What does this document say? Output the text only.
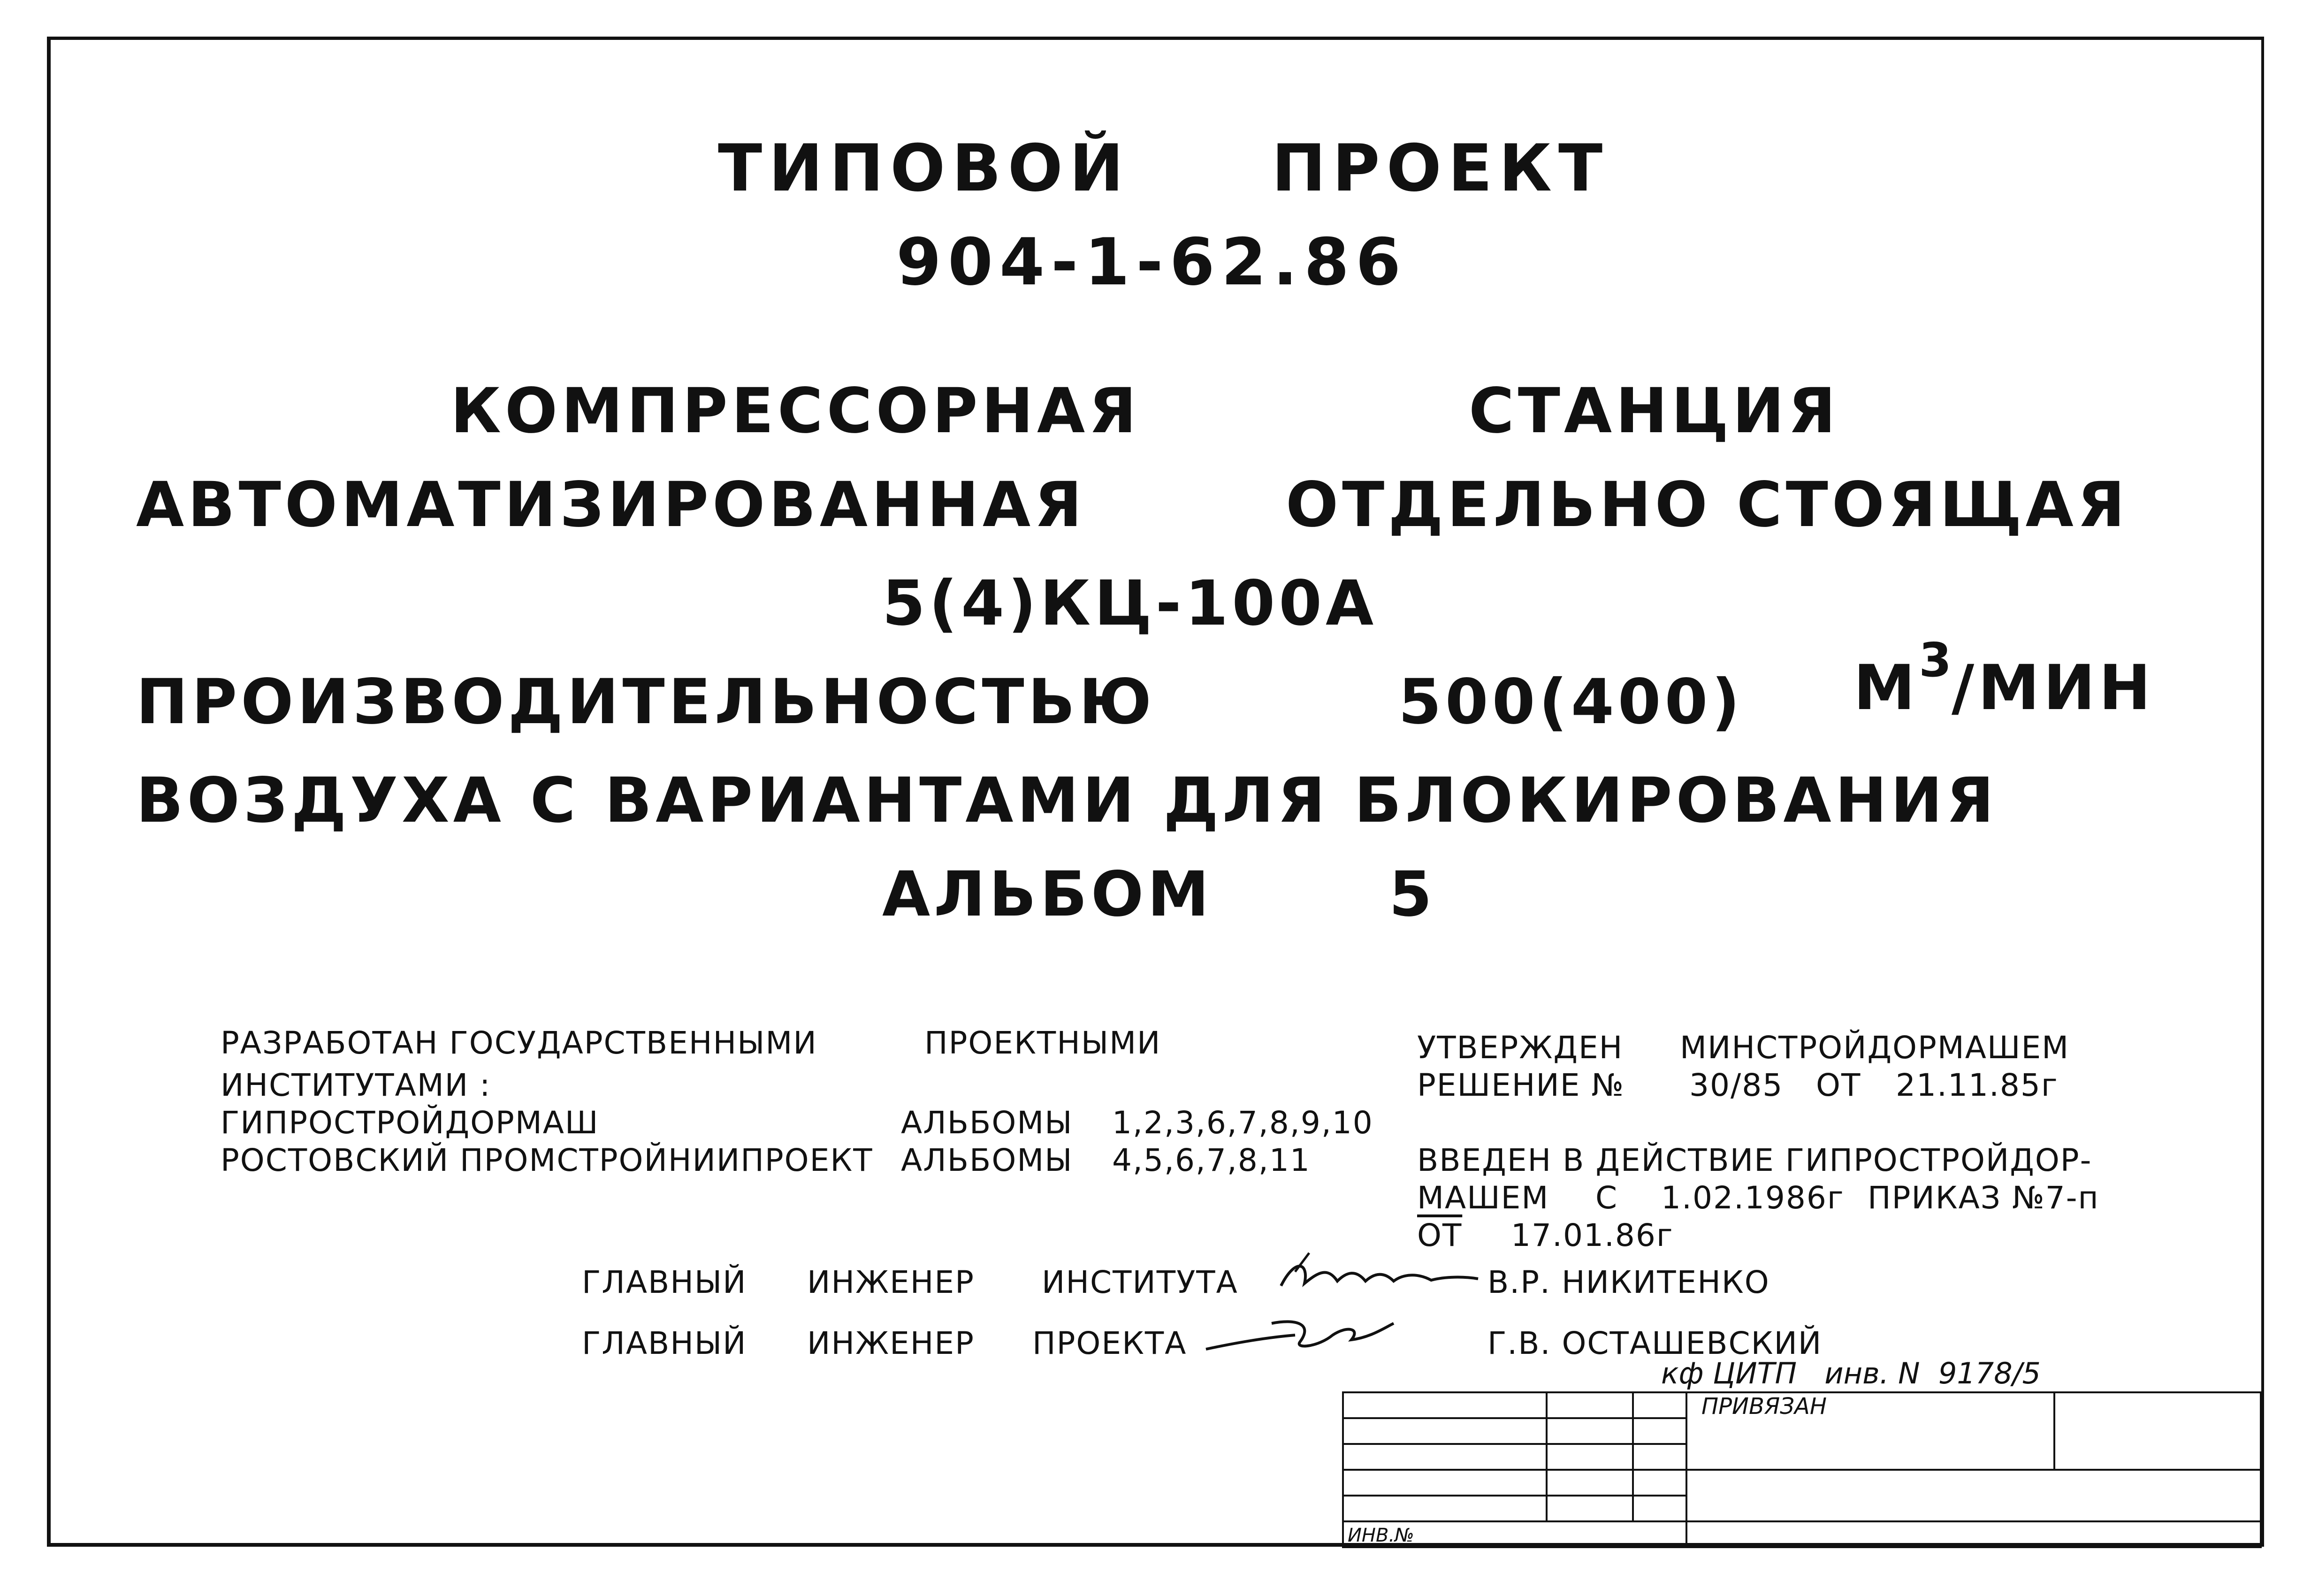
ТИПОВОЙ ПРОЕКТ
904-1-62.86
КОМПРЕССОРНАЯ	СТАНЦИЯ
АВТОМАТИЗИРОВАННАЯ	ОТДЕЛЬНО СТОЯЩАЯ
5(4)КЦ-100А
ПРОИЗВОДИТЕЛЬНОСТЬЮ	500(400) $М^3$/МИН
ВОЗДУХА С ВАРИАНТАМИ ДЛЯ БЛОКИРОВАНИЯ
АЛЬБОМ	5
РАЗРАБОТАН ГОСУДАРСТВЕННЫМИ	ПРОЕКТНЫМИ
ИНСТИТУТАМИ :
ГИПРОСТРОЙДОРМАШ	АЛЬБОМЫ 1,2,3,6,7,8,9,10
РОСТОВСКИЙ ПРОМСТРОЙНИИПРОЕКТ АЛЬБОМЫ 4,5,6,7,8,11
УТВЕРЖДЕН МИНСТРОЙДОРМАШЕМ
РЕШЕНИЕ № 30/85 ОТ 21.11.85г
ВВЕДЕН В ДЕЙСТВИЕ ГИПРОСТРОЙДОР-
МАШЕМ С 1.02.1986г ПРИКАЗ №7-п
ОТ 17.01.86г
ГЛАВНЫЙ ИНЖЕНЕР ИНСТИТУТА	В.Р. НИКИТЕНКО
ГЛАВНЫЙ ИНЖЕНЕР ПРОЕКТА	Г.В. ОСТАШЕВСКИЙ
кф ЦИТП   инв. N  9178/5
			ПРИВЯЗАН	

ИНВ.№				
